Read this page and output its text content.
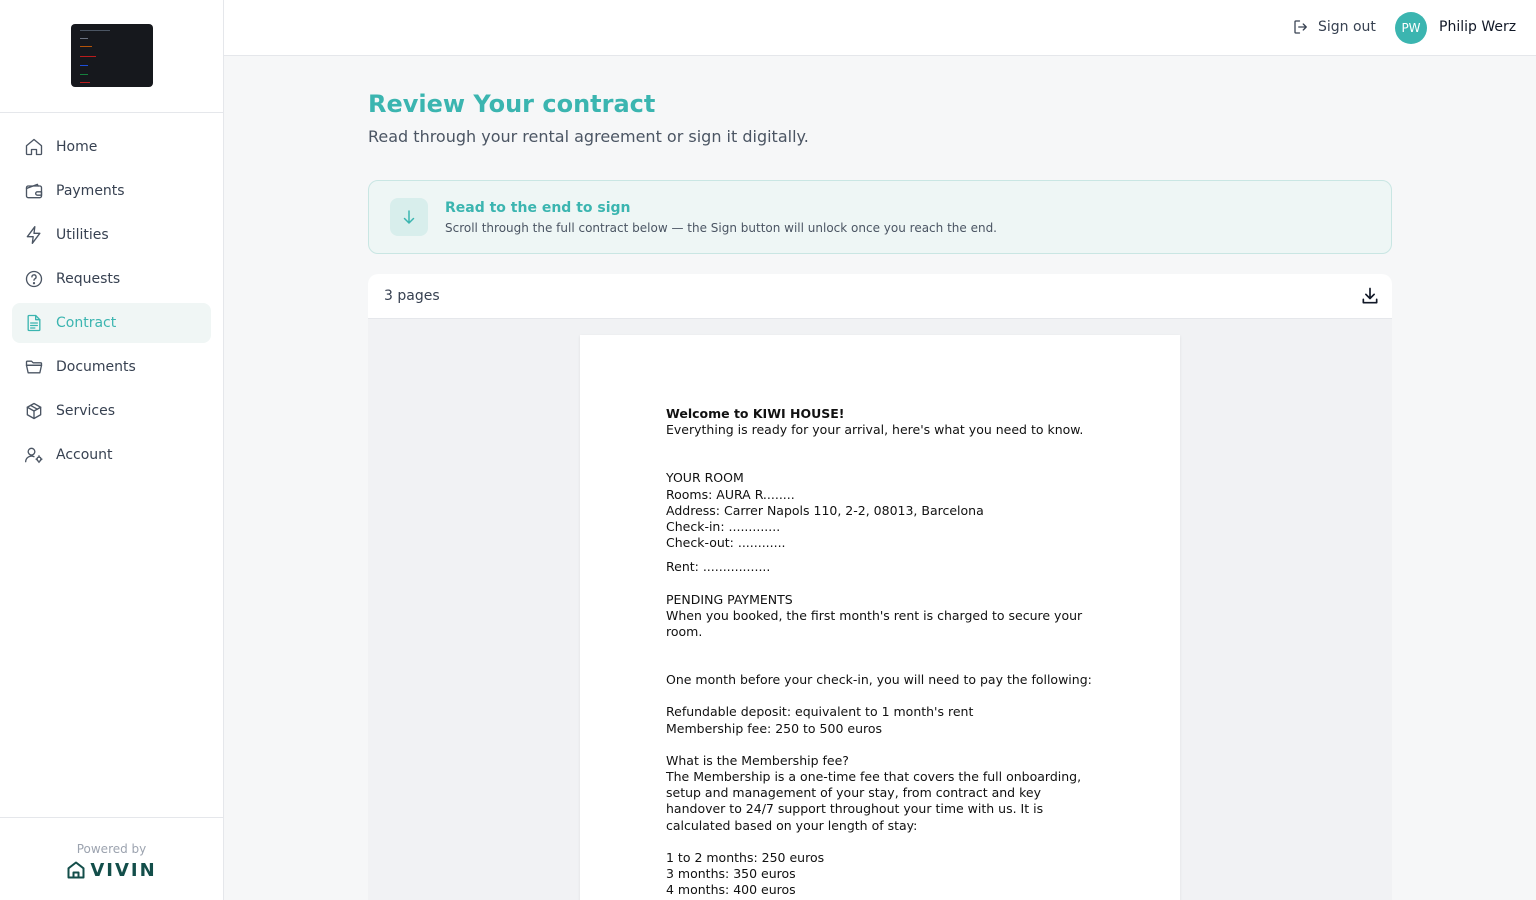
Home
Payments
Utilities
Requests
Contract
Documents
Services
Account
Powered by
VIVIN
Sign out	PW	Philip Werz
Review Your contract

Read through your rental agreement or sign it digitally.

Read to the end to sign
Scroll through the full contract below — the Sign button will unlock once you reach the end.
3 pages

Welcome to KIWI HOUSE!

Everything is ready for your arrival, here's what you need to know.

YOUR ROOM

Rooms: AURA R........

Address: Carrer Napols 110, 2-2, 08013, Barcelona

Check-in: .............

Check-out: ............

Rent: .................

PENDING PAYMENTS

When you booked, the first month's rent is charged to secure your room.

One month before your check-in, you will need to pay the following:

Refundable deposit: equivalent to 1 month's rent

Membership fee: 250 to 500 euros

What is the Membership fee?

The Membership is a one-time fee that covers the full onboarding, setup and management of your stay, from contract and key handover to 24/7 support throughout your time with us. It is calculated based on your length of stay:

1 to 2 months: 250 euros

3 months: 350 euros

4 months: 400 euros
